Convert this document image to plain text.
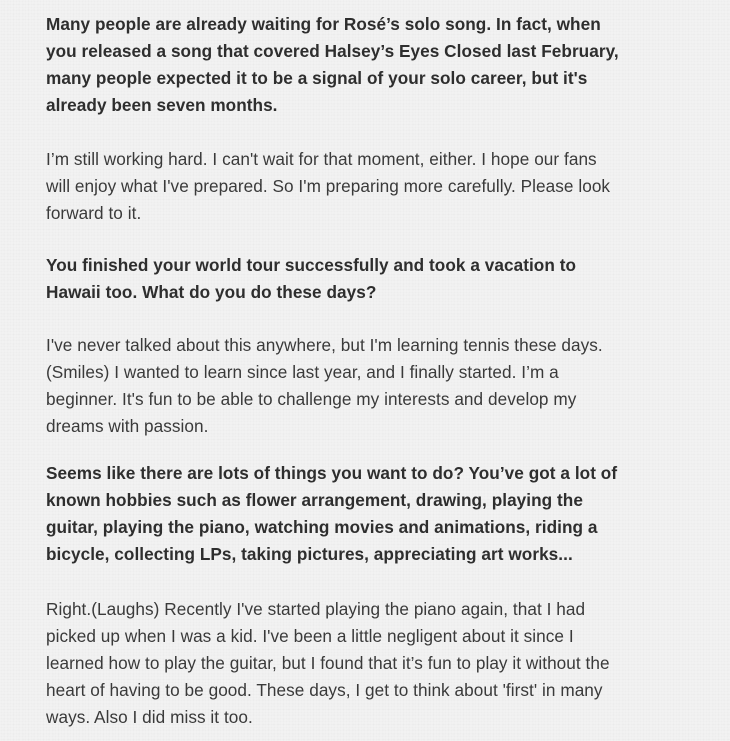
Many people are already waiting for Rosé’s solo song. In fact, when
you released a song that covered Halsey’s Eyes Closed last February,
many people expected it to be a signal of your solo career, but it's
already been seven months.
I’m still working hard. I can't wait for that moment, either. I hope our fans
will enjoy what I've prepared. So I'm preparing more carefully. Please look
forward to it.
You finished your world tour successfully and took a vacation to
Hawaii too. What do you do these days?
I've never talked about this anywhere, but I'm learning tennis these days.
(Smiles) I wanted to learn since last year, and I finally started. I’m a
beginner. It's fun to be able to challenge my interests and develop my
dreams with passion.
Seems like there are lots of things you want to do? You’ve got a lot of
known hobbies such as flower arrangement, drawing, playing the
guitar, playing the piano, watching movies and animations, riding a
bicycle, collecting LPs, taking pictures, appreciating art works...
Right.(Laughs) Recently I've started playing the piano again, that I had
picked up when I was a kid. I've been a little negligent about it since I
learned how to play the guitar, but I found that it’s fun to play it without the
heart of having to be good. These days, I get to think about 'first' in many
ways. Also I did miss it too.
